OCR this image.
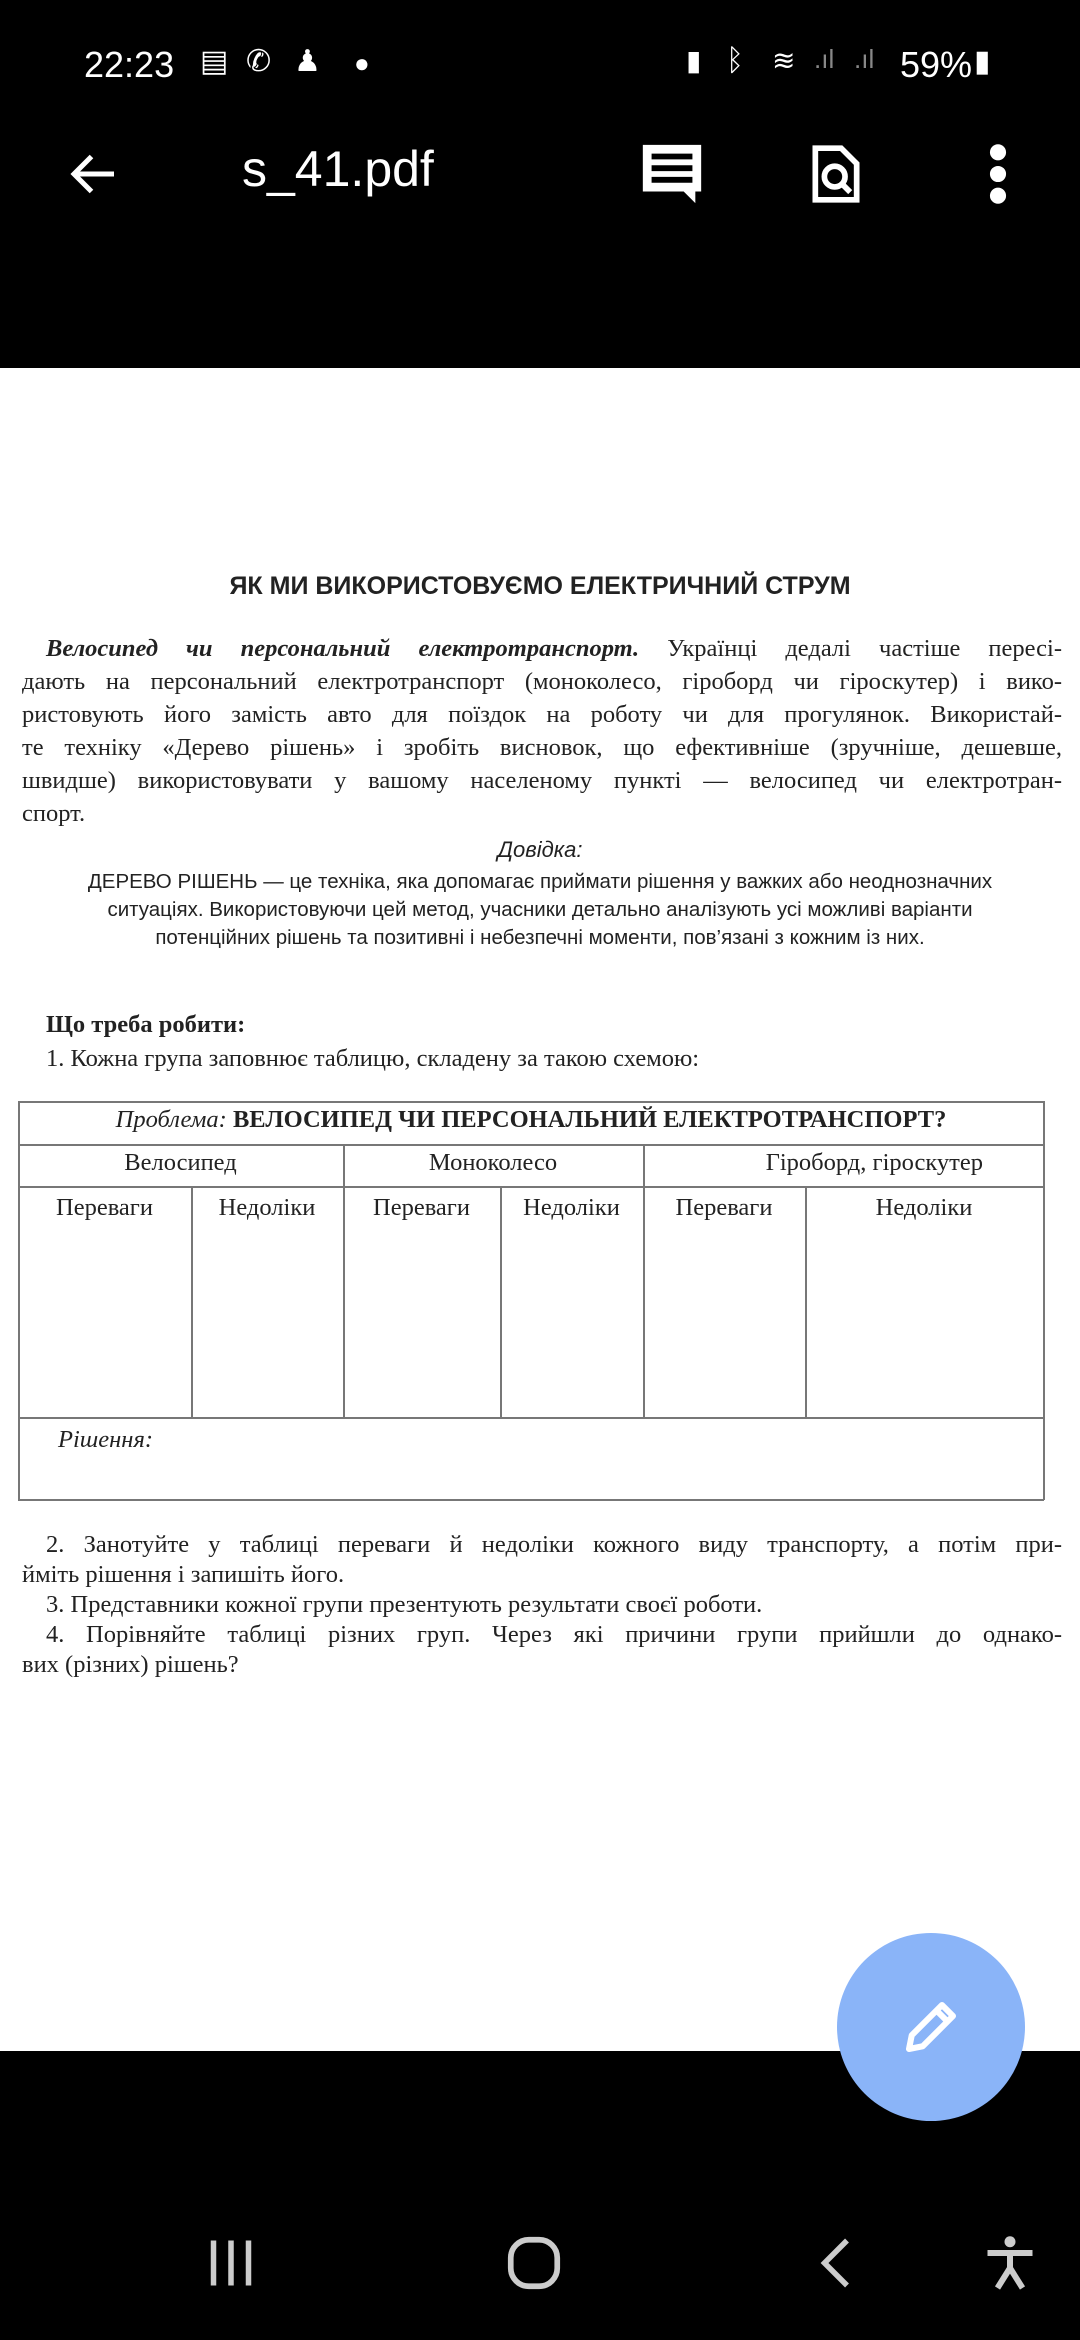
22:23 ▤ ✆ ♟ ●	▮ ᛒ ≋ .ıl .ıl 59% ▮
s_41.pdf
ЯК МИ ВИКОРИСТОВУЄМО ЕЛЕКТРИЧНИЙ СТРУМ
Велосипед чи персональний електротранспорт. Українці дедалі частіше пересі-
дають на персональний електротранспорт (моноколесо, гіроборд чи гіроскутер) і вико-
ристовують його замість авто для поїздок на роботу чи для прогулянок. Використай-
те техніку «Дерево рішень» і зробіть висновок, що ефективніше (зручніше, дешевше,
швидше) використовувати у вашому населеному пункті — велосипед чи електротран-
спорт.
Довідка:
ДЕРЕВО РІШЕНЬ — це техніка, яка допомагає приймати рішення у важких або неоднозначних
ситуаціях. Використовуючи цей метод, учасники детально аналізують усі можливі варіанти
потенційних рішень та позитивні і небезпечні моменти, пов’язані з кожним із них.
Що треба робити:
1. Кожна група заповнює таблицю, складену за такою схемою:
Проблема: ВЕЛОСИПЕД ЧИ ПЕРСОНАЛЬНИЙ ЕЛЕКТРОТРАНСПОРТ?
Велосипед	Моноколесо	Гіроборд, гіроскутер
Переваги	Недоліки	Переваги	Недоліки	Переваги	Недоліки
Рішення:
2. Занотуйте у таблиці переваги й недоліки кожного виду транспорту, а потім при-
йміть рішення і запишіть його.
3. Представники кожної групи презентують результати своєї роботи.
4. Порівняйте таблиці різних груп. Через які причини групи прийшли до однако-
вих (різних) рішень?
